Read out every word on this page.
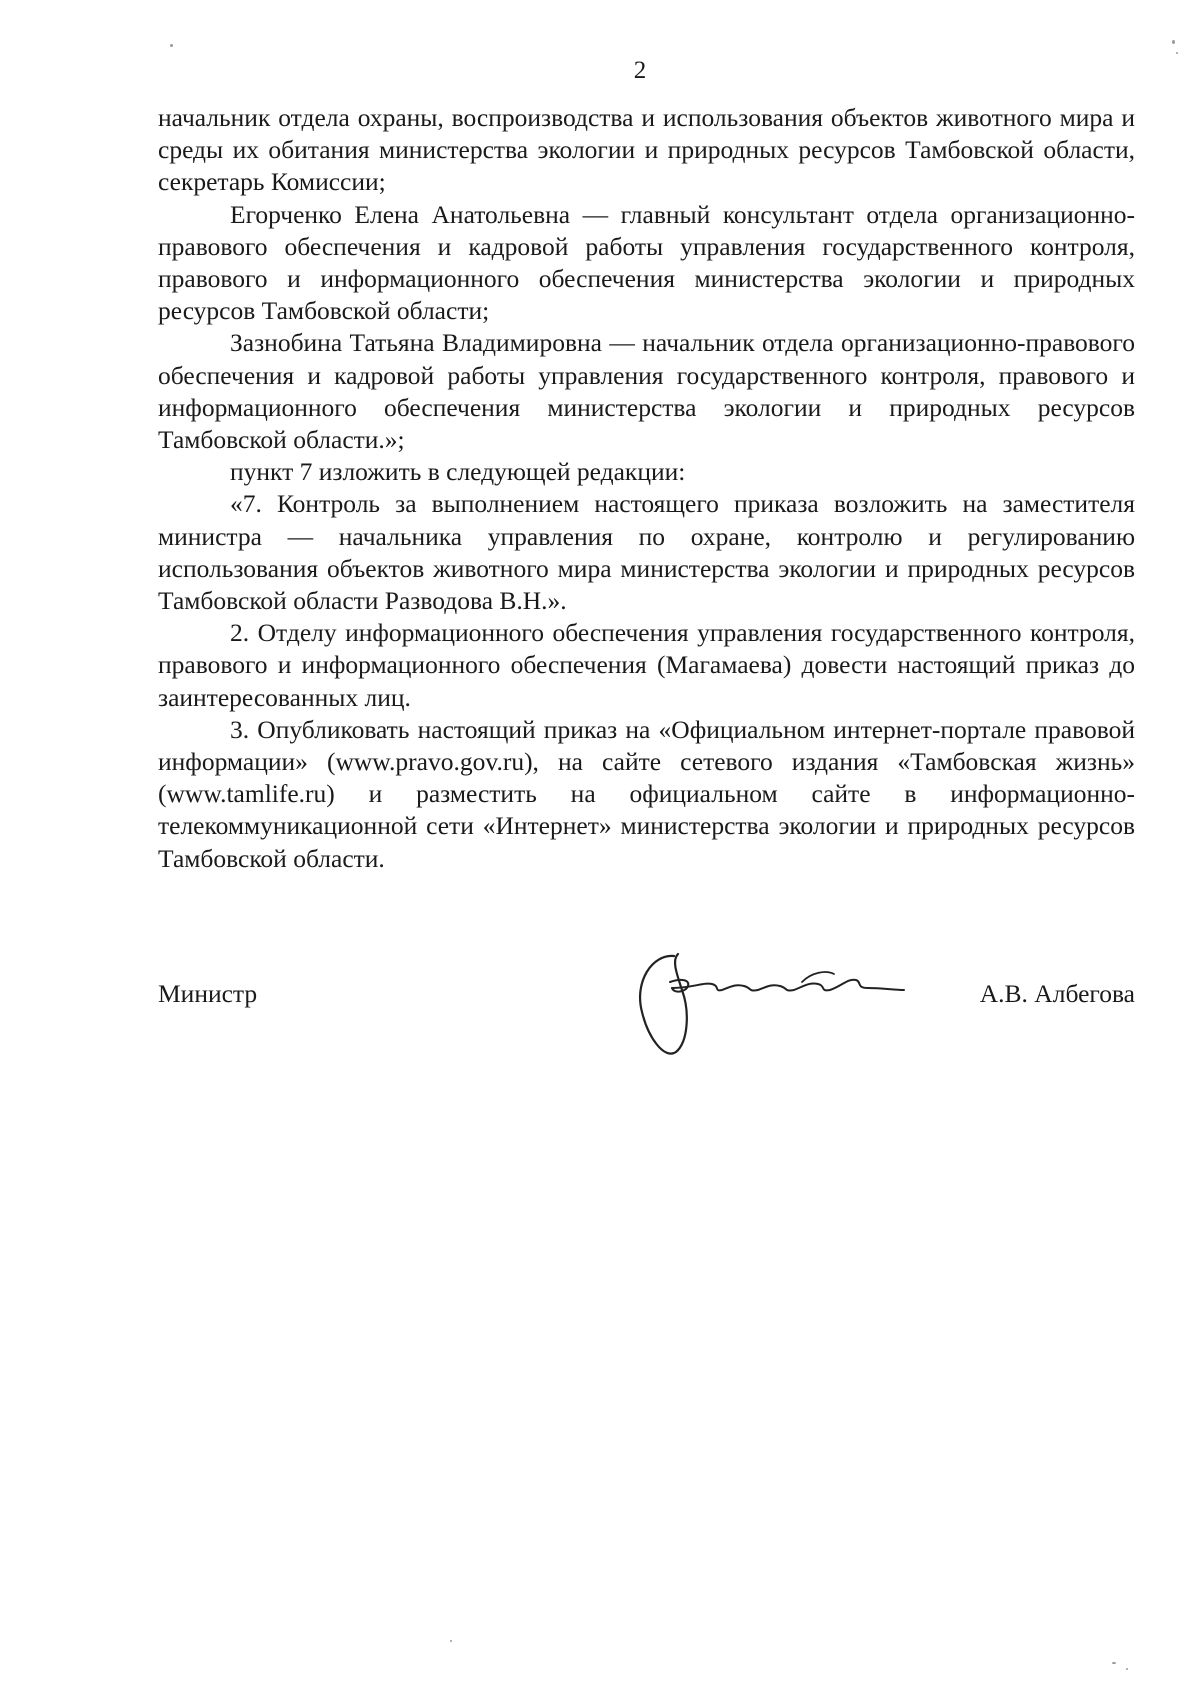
2

начальник отдела охраны, воспроизводства и использования объектов животного мира и среды их обитания министерства экологии и природных ресурсов Тамбовской области, секретарь Комиссии;

Егорченко Елена Анатольевна — главный консультант отдела организационно-правового обеспечения и кадровой работы управления государственного контроля, правового и информационного обеспечения министерства экологии и природных ресурсов Тамбовской области;

Зазнобина Татьяна Владимировна — начальник отдела организационно-правового обеспечения и кадровой работы управления государственного контроля, правового и информационного обеспечения министерства экологии и природных ресурсов Тамбовской области.»;

пункт 7 изложить в следующей редакции:

«7. Контроль за выполнением настоящего приказа возложить на заместителя министра — начальника управления по охране, контролю и регулированию использования объектов животного мира министерства экологии и природных ресурсов Тамбовской области Разводова В.Н.».

2. Отделу информационного обеспечения управления государственного контроля, правового и информационного обеспечения (Магамаева) довести настоящий приказ до заинтересованных лиц.

3. Опубликовать настоящий приказ на «Официальном интернет-портале правовой информации» (www.pravo.gov.ru), на сайте сетевого издания «Тамбовская жизнь» (www.tamlife.ru) и разместить на официальном сайте в информационно-телекоммуникационной сети «Интернет» министерства экологии и природных ресурсов Тамбовской области.

Министр	А.В. Албегова
